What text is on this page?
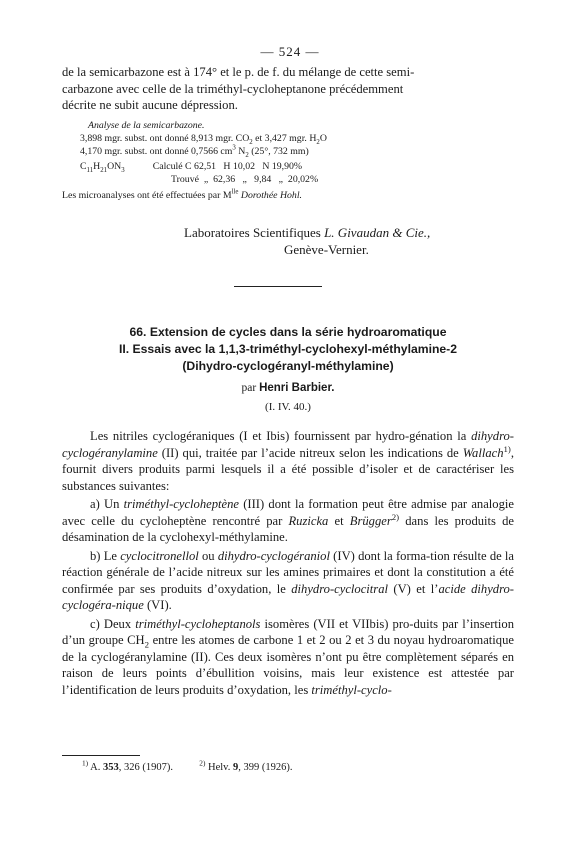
— 524 —

de la semicarbazone est à 174° et le p. de f. du mélange de cette semi-

carbazone avec celle de la triméthyl-cycloheptanone précédemment

décrite ne subit aucune dépression.

Analyse de la semicarbazone.
3,898 mgr. subst. ont donné 8,913 mgr. $CO_2$ et 3,427 mgr. $H_2O$
4,170 mgr. subst. ont donné 0,7566 $cm^3$ $N_2$ (25°, 732 mm)
$C_{11}H_{21}ON_3$	Calculé C 62,51   H 10,02   N 19,90%
Trouvé  „  62,36   „   9,84   „  20,02%
Les microanalyses ont été effectuées par $M^{lle}$ Dorothée Hohl.
Laboratoires Scientifiques L. Givaudan & Cie.,
Genève-Vernier.
66. Extension de cycles dans la série hydroaromatique
II. Essais avec la 1,1,3-triméthyl-cyclohexyl-méthylamine-2
(Dihydro-cyclogéranyl-méthylamine)
par Henri Barbier.
(I. IV. 40.)

Les nitriles cyclogéraniques (I et Ibis) fournissent par hydro-génation la dihydro-cyclogéranylamine (II) qui, traitée par l’acide nitreux selon les indications de Wallach$^{1)}$, fournit divers produits parmi lesquels il a été possible d’isoler et de caractériser les substances suivantes:

a) Un triméthyl-cycloheptène (III) dont la formation peut être admise par analogie avec celle du cycloheptène rencontré par Ruzicka et Brügger$^{2)}$ dans les produits de désamination de la cyclohexyl-méthylamine.

b) Le cyclocitronellol ou dihydro-cyclogéraniol (IV) dont la forma-tion résulte de la réaction générale de l’acide nitreux sur les amines primaires et dont la constitution a été confirmée par ses produits d’oxydation, le dihydro-cyclocitral (V) et l’acide dihydro-cyclogéra-nique (VI).

c) Deux triméthyl-cycloheptanols isomères (VII et VIIbis) pro-duits par l’insertion d’un groupe $CH_2$ entre les atomes de carbone 1 et 2 ou 2 et 3 du noyau hydroaromatique de la cyclogéranylamine (II). Ces deux isomères n’ont pu être complètement séparés en raison de leurs points d’ébullition voisins, mais leur existence est attestée par l’identification de leurs produits d’oxydation, les triméthyl-cyclo-

$^{1)}$ A. 353, 326 (1907).	$^{2)}$ Helv. 9, 399 (1926).
